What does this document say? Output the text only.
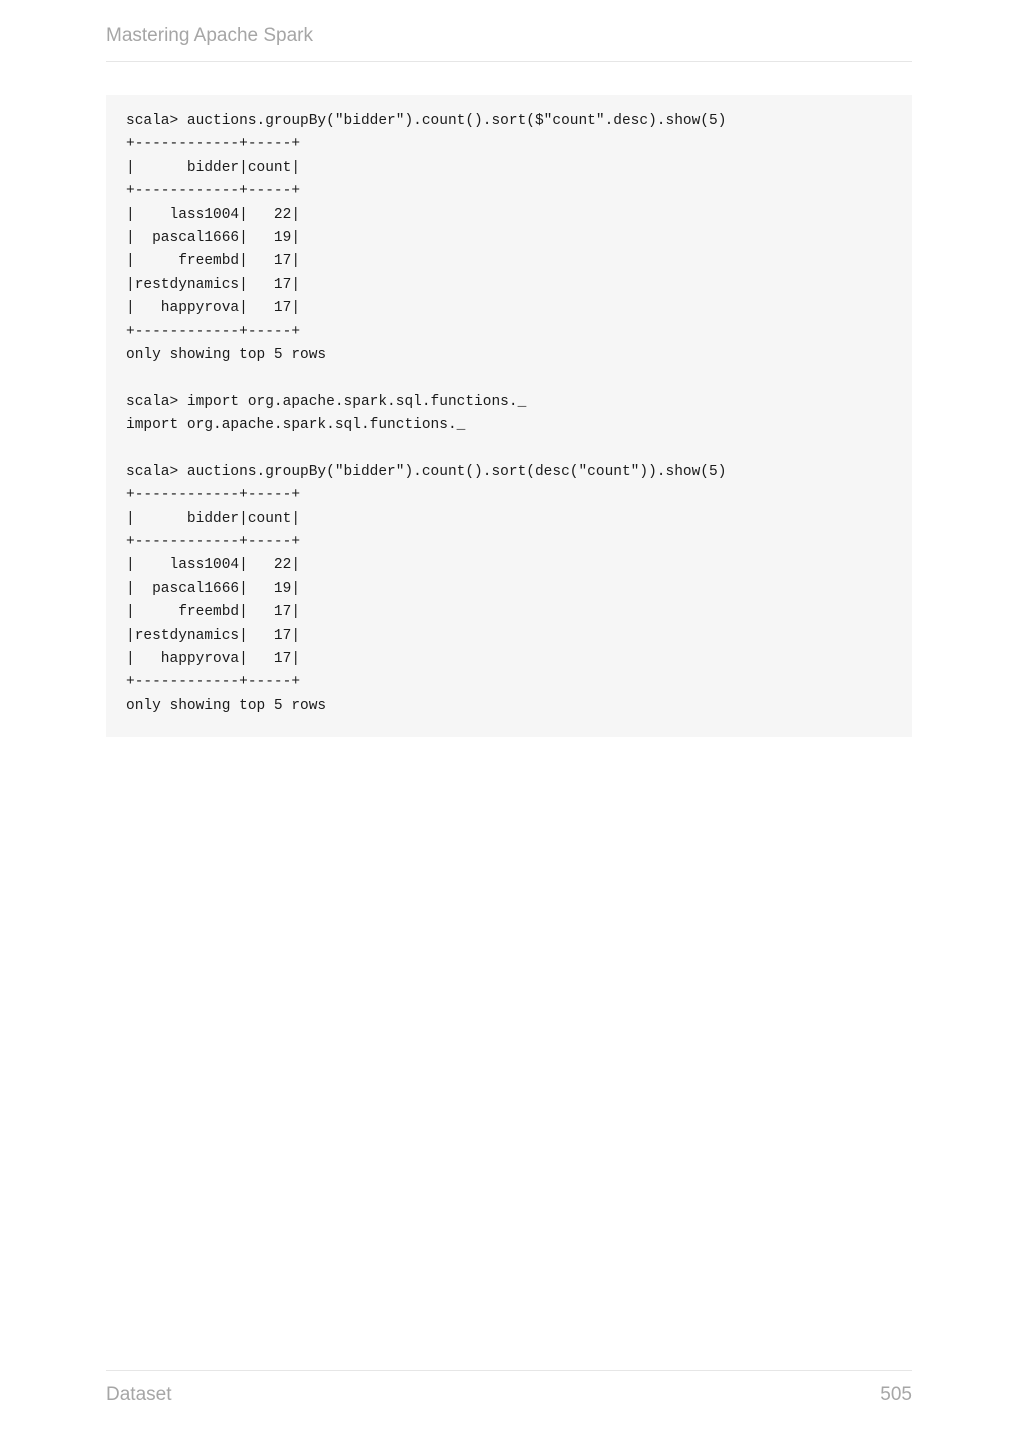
Mastering Apache Spark
scala> auctions.groupBy("bidder").count().sort($"count".desc).show(5)
+------------+-----+
|      bidder|count|
+------------+-----+
|    lass1004|   22|
|  pascal1666|   19|
|     freembd|   17|
|restdynamics|   17|
|   happyrova|   17|
+------------+-----+
only showing top 5 rows
scala> import org.apache.spark.sql.functions._
import org.apache.spark.sql.functions._
scala> auctions.groupBy("bidder").count().sort(desc("count")).show(5)
+------------+-----+
|      bidder|count|
+------------+-----+
|    lass1004|   22|
|  pascal1666|   19|
|     freembd|   17|
|restdynamics|   17|
|   happyrova|   17|
+------------+-----+
only showing top 5 rows
Dataset	505
